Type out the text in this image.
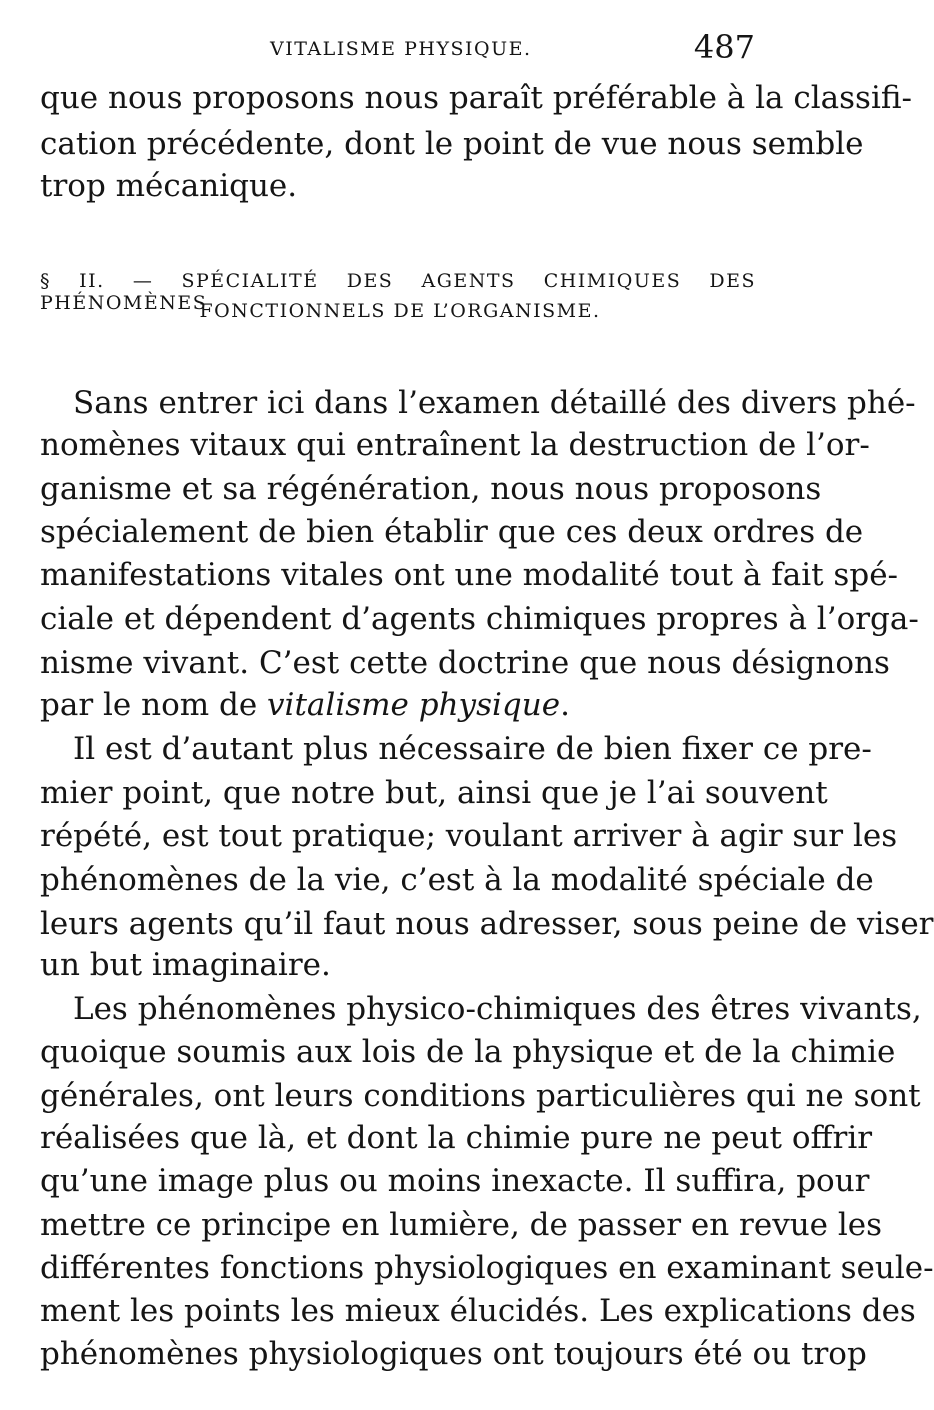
VITALISME PHYSIQUE.	487
que nous proposons nous paraît préférable à la classifi-
cation précédente, dont le point de vue nous semble
trop mécanique.
§ II. — SPÉCIALITÉ DES AGENTS CHIMIQUES DES PHÉNOMÈNES
FONCTIONNELS DE L’ORGANISME.
Sans entrer ici dans l’examen détaillé des divers phé-
nomènes vitaux qui entraînent la destruction de l’or-
ganisme et sa régénération, nous nous proposons
spécialement de bien établir que ces deux ordres de
manifestations vitales ont une modalité tout à fait spé-
ciale et dépendent d’agents chimiques propres à l’orga-
nisme vivant. C’est cette doctrine que nous désignons
par le nom de vitalisme physique.
Il est d’autant plus nécessaire de bien fixer ce pre-
mier point, que notre but, ainsi que je l’ai souvent
répété, est tout pratique; voulant arriver à agir sur les
phénomènes de la vie, c’est à la modalité spéciale de
leurs agents qu’il faut nous adresser, sous peine de viser
un but imaginaire.
Les phénomènes physico-chimiques des êtres vivants,
quoique soumis aux lois de la physique et de la chimie
générales, ont leurs conditions particulières qui ne sont
réalisées que là, et dont la chimie pure ne peut offrir
qu’une image plus ou moins inexacte. Il suffira, pour
mettre ce principe en lumière, de passer en revue les
différentes fonctions physiologiques en examinant seule-
ment les points les mieux élucidés. Les explications des
phénomènes physiologiques ont toujours été ou trop
